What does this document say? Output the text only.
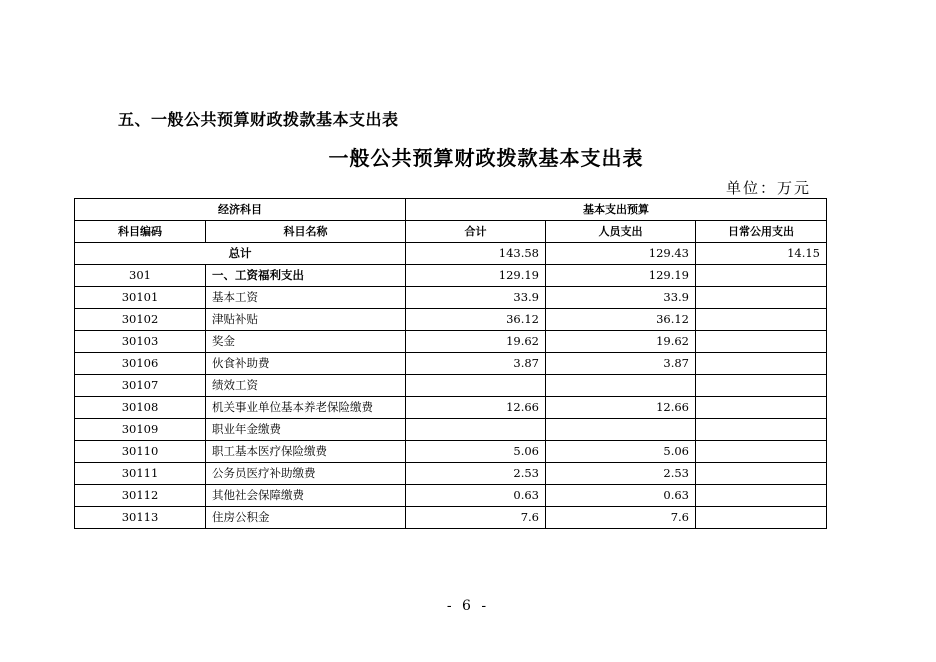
五、一般公共预算财政拨款基本支出表
一般公共预算财政拨款基本支出表
单位：万元
经济科目		基本支出预算		
科目编码	科目名称	合计	人员支出	日常公用支出
总计		143.58	129.43	14.15
301	一、工资福利支出	129.19	129.19	
30101	基本工资	33.9	33.9	
30102	津贴补贴	36.12	36.12	
30103	奖金	19.62	19.62	
30106	伙食补助费	3.87	3.87	
30107	绩效工资			
30108	机关事业单位基本养老保险缴费	12.66	12.66	
30109	职业年金缴费			
30110	职工基本医疗保险缴费	5.06	5.06	
30111	公务员医疗补助缴费	2.53	2.53	
30112	其他社会保障缴费	0.63	0.63	
30113	住房公积金	7.6	7.6	
- 6 -
